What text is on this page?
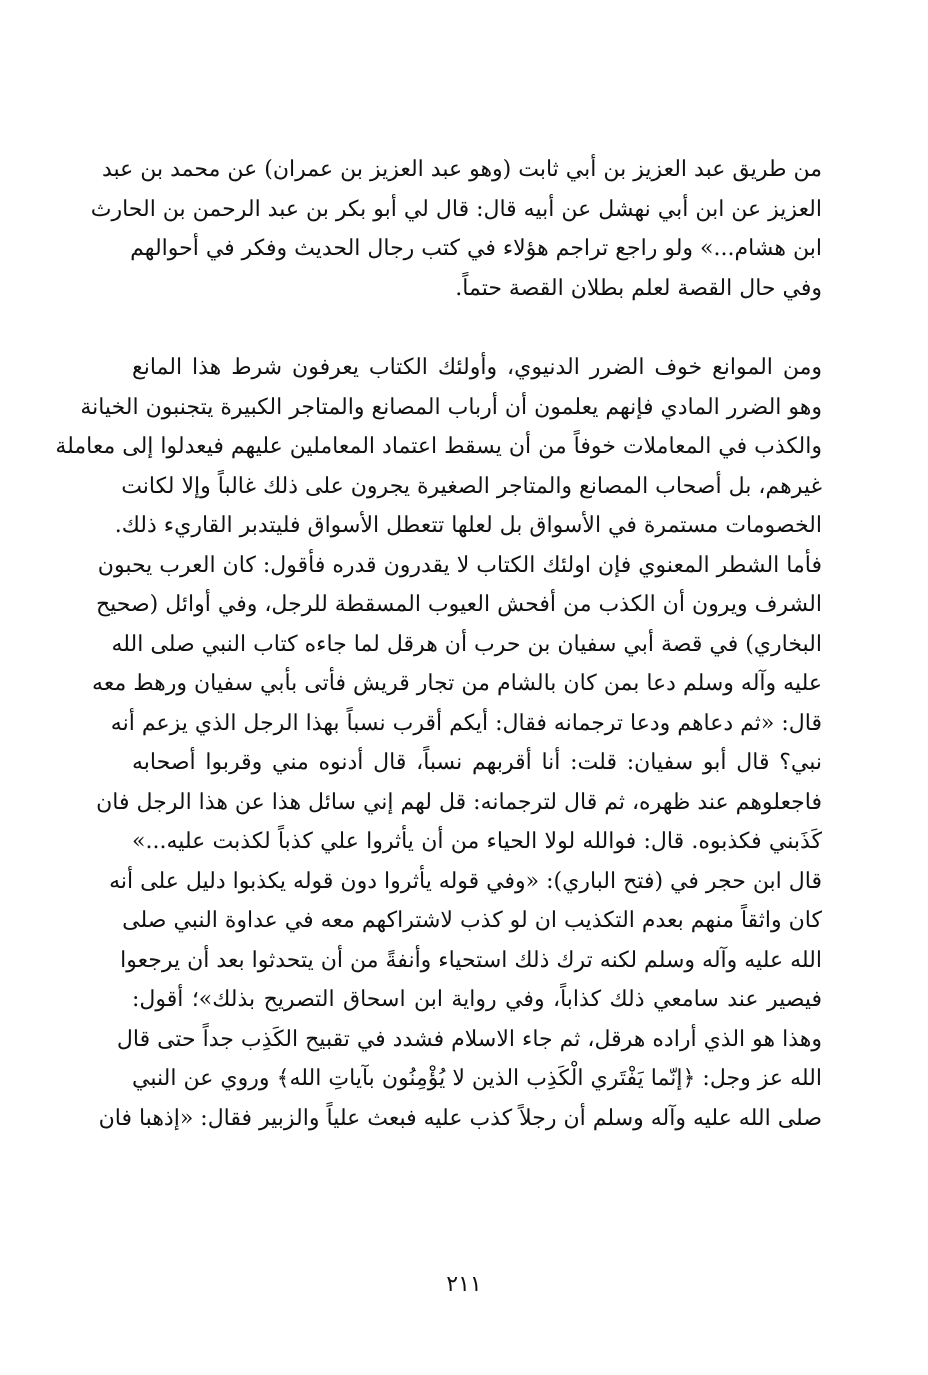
من طريق عبد العزيز بن أبي ثابت (وهو عبد العزيز بن عمران) عن محمد بن عبد
العزيز عن ابن أبي نهشل عن أبيه قال: قال لي أبو بكر بن عبد الرحمن بن الحارث
ابن هشام...» ولو راجع تراجم هؤلاء في كتب رجال الحديث وفكر في أحوالهم
وفي حال القصة لعلم بطلان القصة حتماً.
ومن الموانع خوف الضرر الدنيوي، وأولئك الكتاب يعرفون شرط هذا المانع
وهو الضرر المادي فإنهم يعلمون أن أرباب المصانع والمتاجر الكبيرة يتجنبون الخيانة
والكذب في المعاملات خوفاً من أن يسقط اعتماد المعاملين عليهم فيعدلوا إلى معاملة
غيرهم، بل أصحاب المصانع والمتاجر الصغيرة يجرون على ذلك غالباً وإلا لكانت
الخصومات مستمرة في الأسواق بل لعلها تتعطل الأسواق فليتدبر القاريء ذلك.
فأما الشطر المعنوي فإن اولئك الكتاب لا يقدرون قدره فأقول: كان العرب يحبون
الشرف ويرون أن الكذب من أفحش العيوب المسقطة للرجل، وفي أوائل (صحيح
البخاري) في قصة أبي سفيان بن حرب أن هرقل لما جاءه كتاب النبي صلى الله
عليه وآله وسلم دعا بمن كان بالشام من تجار قريش فأتى بأبي سفيان ورهط معه
قال: «ثم دعاهم ودعا ترجمانه فقال: أيكم أقرب نسباً بهذا الرجل الذي يزعم أنه
نبي؟ قال أبو سفيان: قلت: أنا أقربهم نسباً، قال أدنوه مني وقربوا أصحابه
فاجعلوهم عند ظهره، ثم قال لترجمانه: قل لهم إني سائل هذا عن هذا الرجل فان
كَذَبني فكذبوه. قال: فوالله لولا الحياء من أن يأثروا علي كذباً لكذبت عليه...»
قال ابن حجر في (فتح الباري): «وفي قوله يأثروا دون قوله يكذبوا دليل على أنه
كان واثقاً منهم بعدم التكذيب ان لو كذب لاشتراكهم معه في عداوة النبي صلى
الله عليه وآله وسلم لكنه ترك ذلك استحياء وأنفةً من أن يتحدثوا بعد أن يرجعوا
فيصير عند سامعي ذلك كذاباً، وفي رواية ابن اسحاق التصريح بذلك»؛ أقول:
وهذا هو الذي أراده هرقل، ثم جاء الاسلام فشدد في تقبيح الكَذِب جداً حتى قال
الله عز وجل: ﴿إنّما يَفْتَري الْكَذِب الذين لا يُؤْمِنُون بآياتِ الله﴾ وروي عن النبي
صلى الله عليه وآله وسلم أن رجلاً كذب عليه فبعث علياً والزبير فقال: «إذهبا فان
٢١١
